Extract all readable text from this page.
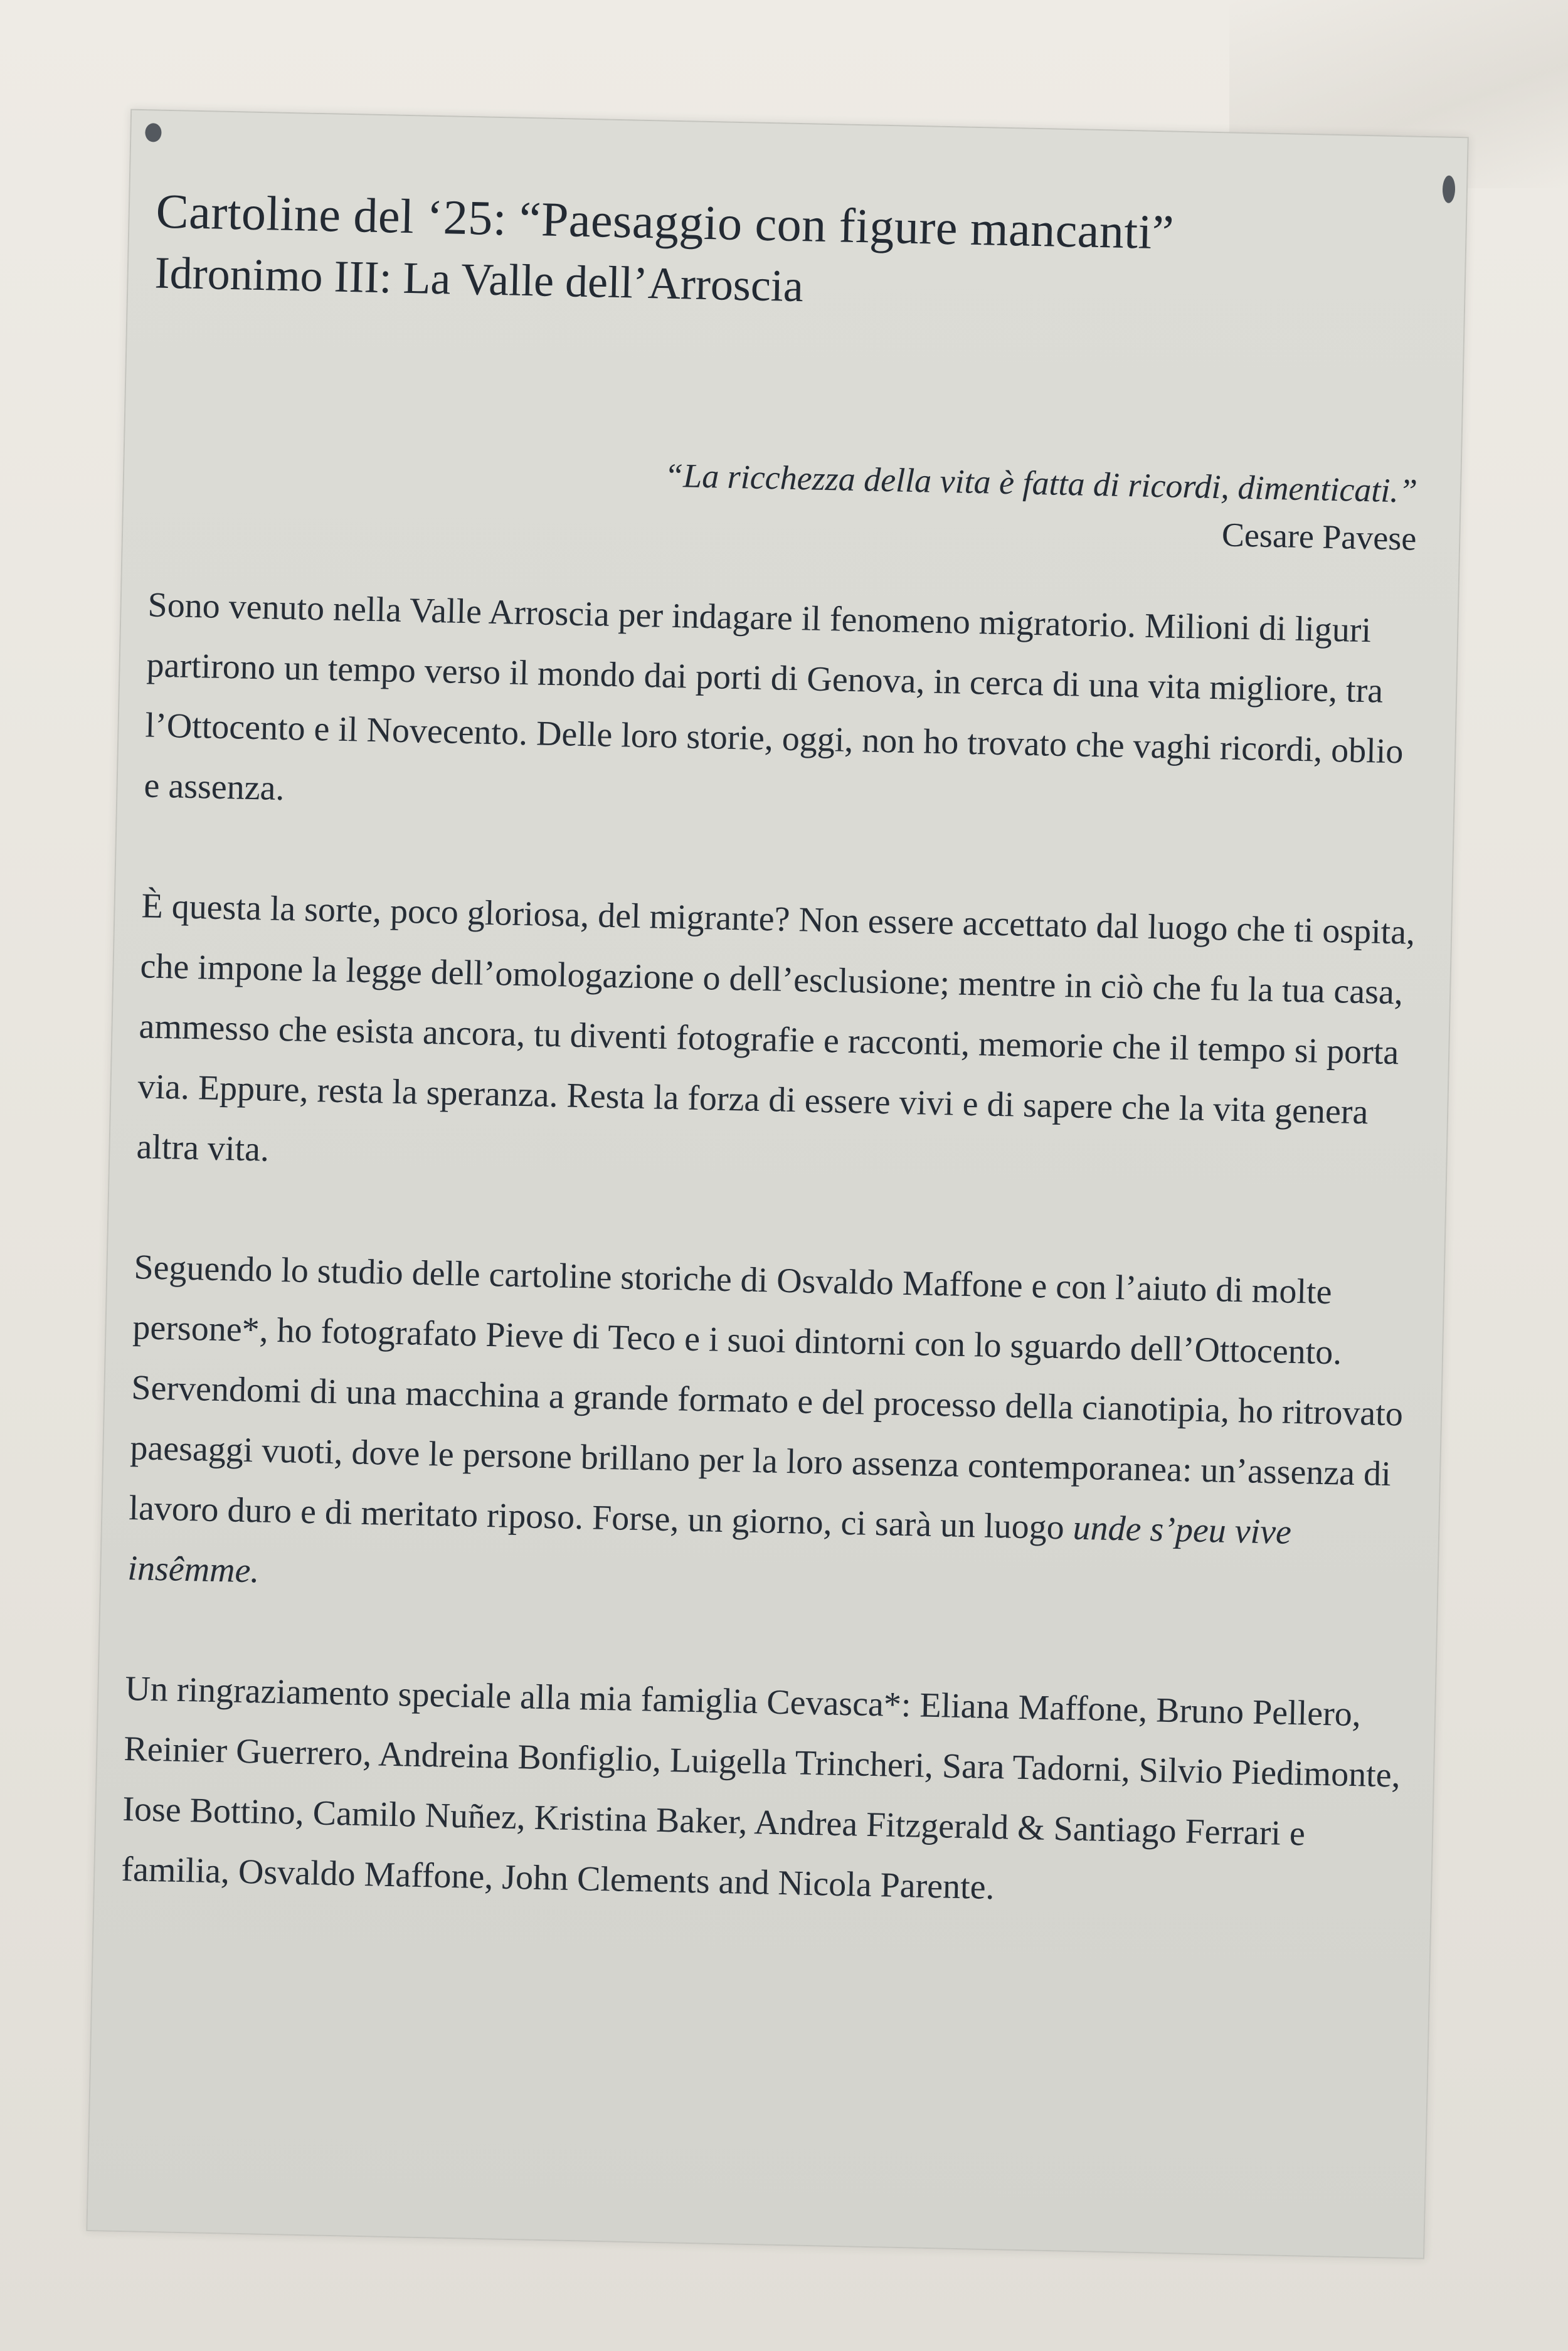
Cartoline del ‘25: “Paesaggio con figure mancanti”
Idronimo III: La Valle dell’Arroscia
“La ricchezza della vita è fatta di ricordi, dimenticati.”
Cesare Pavese

Sono venuto nella Valle Arroscia per indagare il fenomeno migratorio. Milioni di liguri partirono un tempo verso il mondo dai porti di Genova, in cerca di una vita migliore, tra l’Ottocento e il Novecento. Delle loro storie, oggi, non ho trovato che vaghi ricordi, oblio e assenza.

È questa la sorte, poco gloriosa, del migrante? Non essere accettato dal luogo che ti ospita, che impone la legge dell’omologazione o dell’esclusione; mentre in ciò che fu la tua casa, ammesso che esista ancora, tu diventi fotografie e racconti, memorie che il tempo si porta via. Eppure, resta la speranza. Resta la forza di essere vivi e di sapere che la vita genera altra vita.

Seguendo lo studio delle cartoline storiche di Osvaldo Maffone e con l’aiuto di molte persone*, ho fotografato Pieve di Teco e i suoi dintorni con lo sguardo dell’Ottocento. Servendomi di una macchina a grande formato e del processo della cianotipia, ho ritrovato paesaggi vuoti, dove le persone brillano per la loro assenza contemporanea: un’assenza di lavoro duro e di meritato riposo. Forse, un giorno, ci sarà un luogo unde s’peu vive insêmme.

Un ringraziamento speciale alla mia famiglia Cevasca*: Eliana Maffone, Bruno Pellero, Reinier Guerrero, Andreina Bonfiglio, Luigella Trincheri, Sara Tadorni, Silvio Piedimonte, Iose Bottino, Camilo Nuñez, Kristina Baker, Andrea Fitzgerald & Santiago Ferrari e familia, Osvaldo Maffone, John Clements and Nicola Parente.
